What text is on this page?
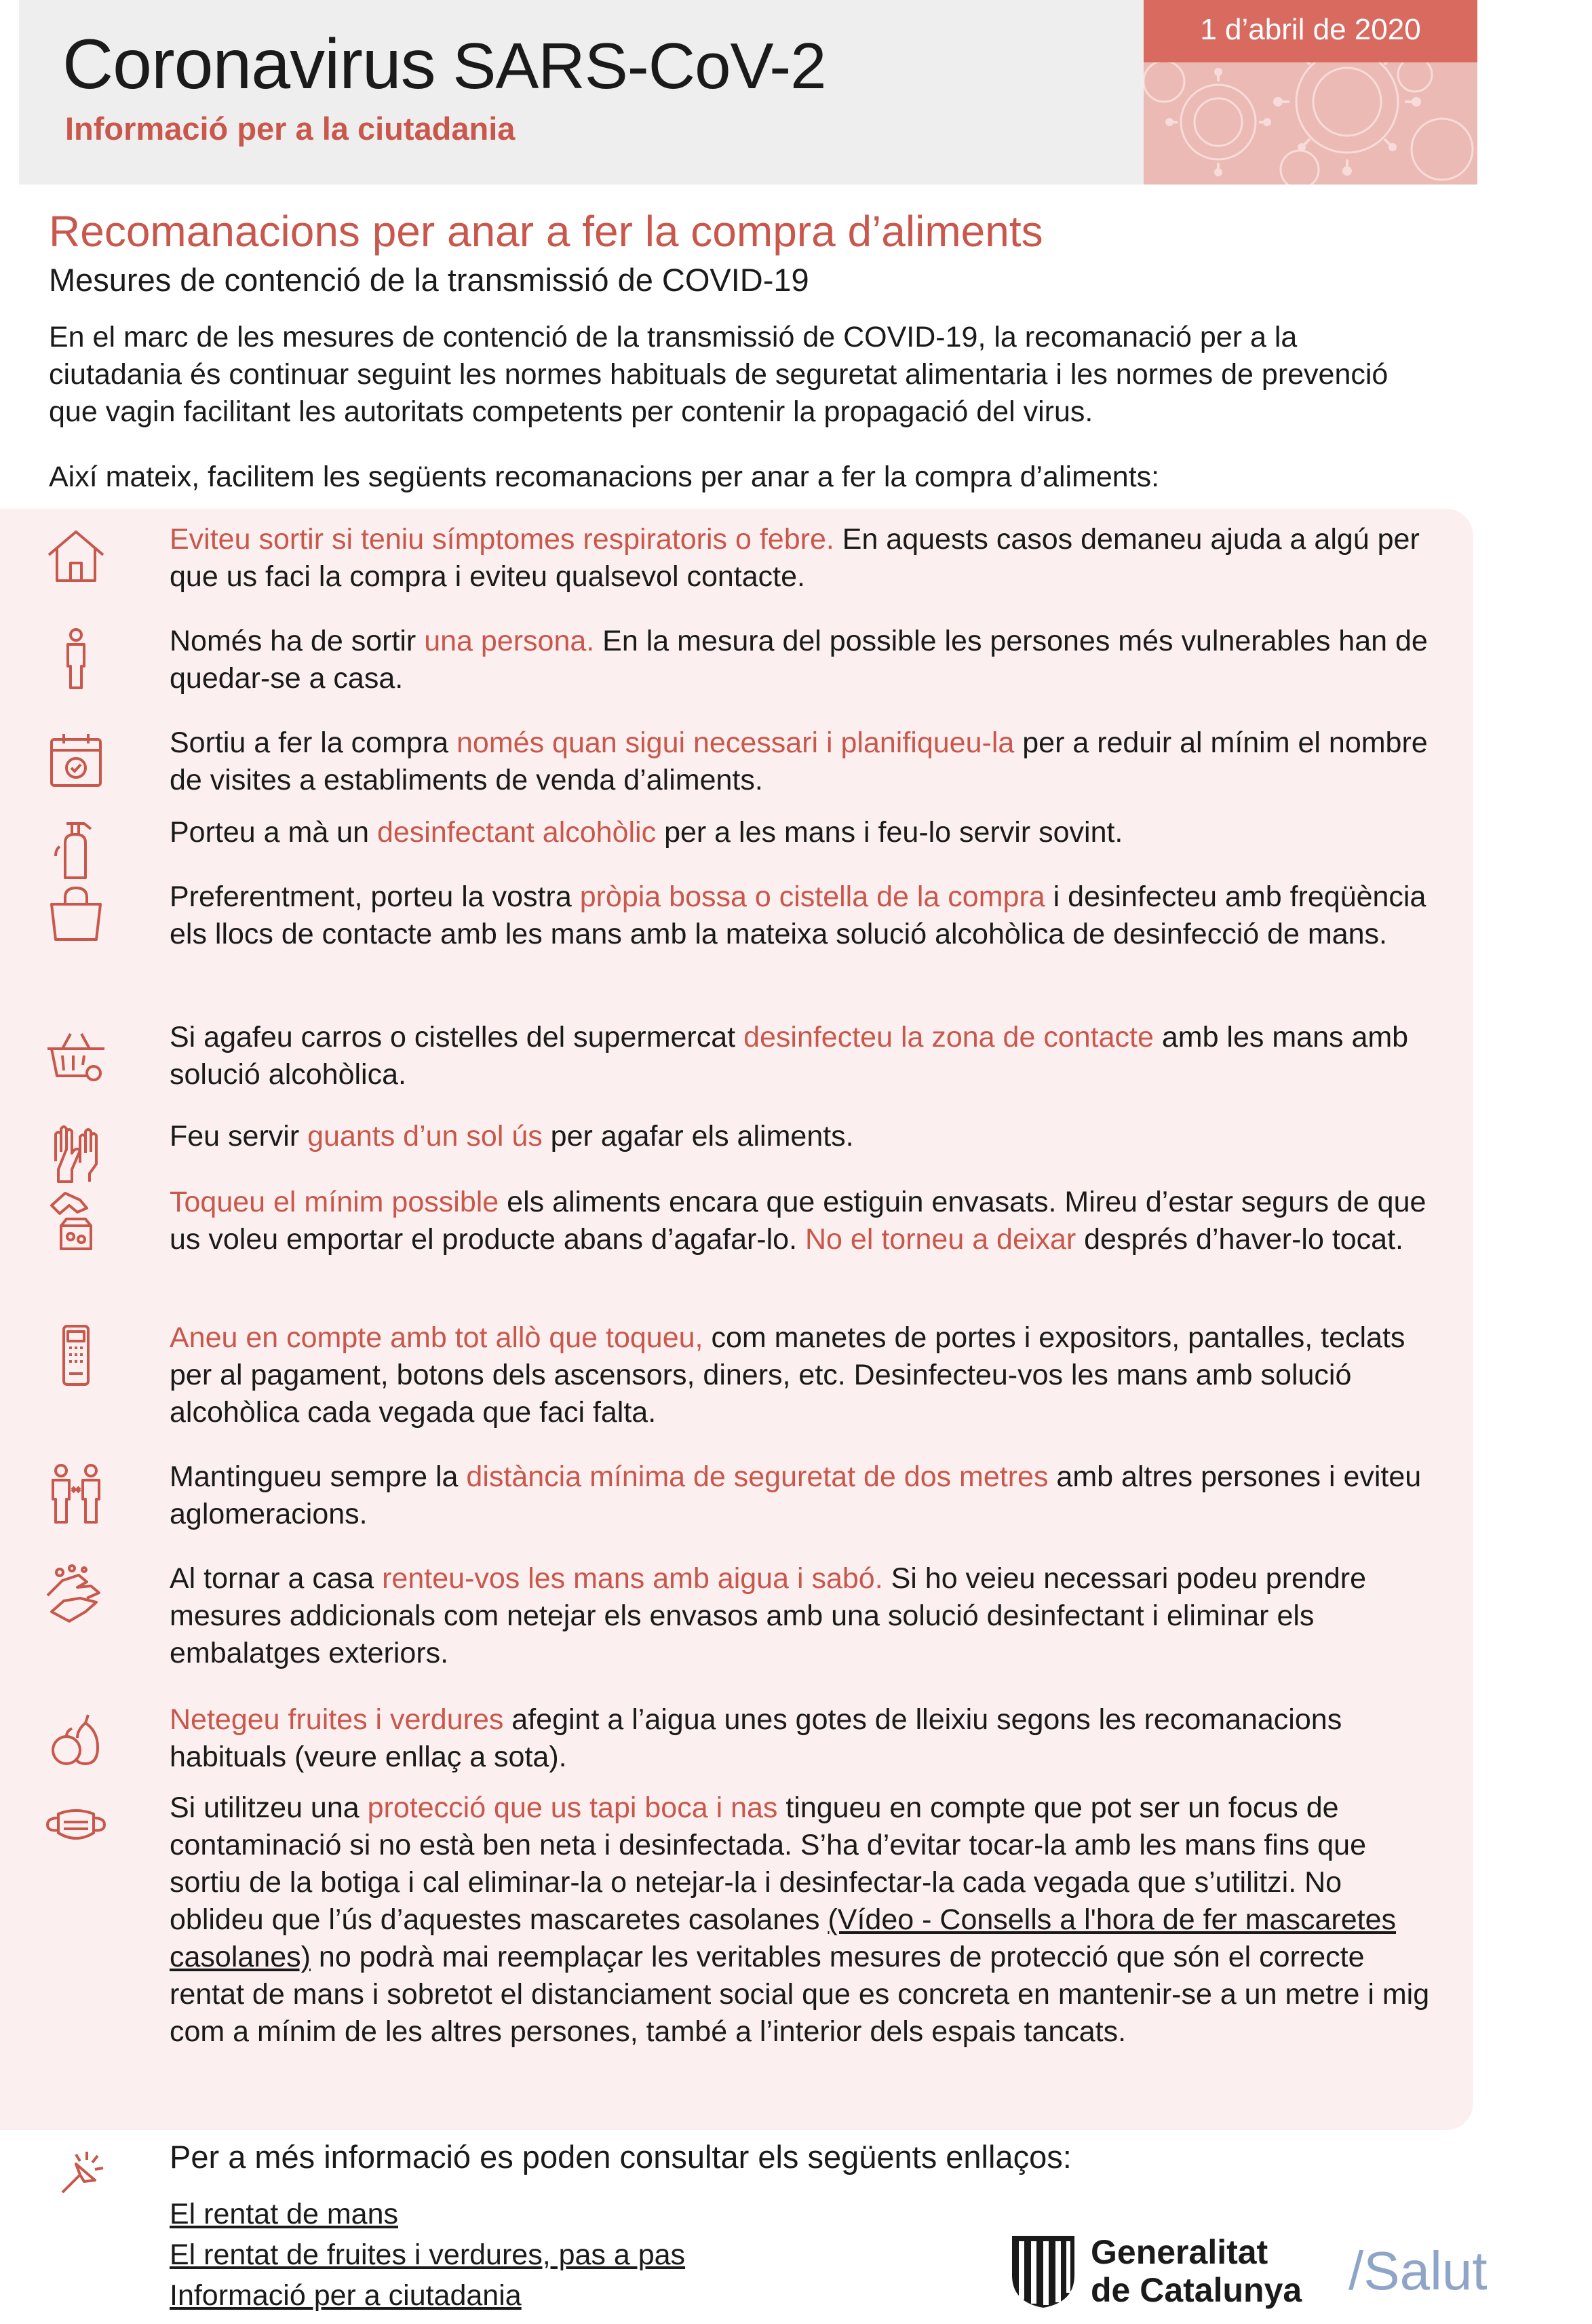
Coronavirus SARS-CoV-2
Informació per a la ciutadania
1 d’abril de 2020
Recomanacions per anar a fer la compra d’aliments
Mesures de contenció de la transmissió de COVID-19
En el marc de les mesures de contenció de la transmissió de COVID-19, la recomanació per a la ciutadania és continuar seguint les normes habituals de seguretat alimentaria i les normes de prevenció que vagin facilitant les autoritats competents per contenir la propagació del virus.
Així mateix, facilitem les següents recomanacions per anar a fer la compra d’aliments:
Eviteu sortir si teniu símptomes respiratoris o febre. En aquests casos demaneu ajuda a algú per que us faci la compra i eviteu qualsevol contacte.
Només ha de sortir una persona. En la mesura del possible les persones més vulnerables han de quedar-se a casa.
Sortiu a fer la compra només quan sigui necessari i planifiqueu-la per a reduir al mínim el nombre de visites a establiments de venda d’aliments.
Porteu a mà un desinfectant alcohòlic per a les mans i feu-lo servir sovint.
Preferentment, porteu la vostra pròpia bossa o cistella de la compra i desinfecteu amb freqüència els llocs de contacte amb les mans amb la mateixa solució alcohòlica de desinfecció de mans.
Si agafeu carros o cistelles del supermercat desinfecteu la zona de contacte amb les mans amb solució alcohòlica.
Feu servir guants d’un sol ús per agafar els aliments.
Toqueu el mínim possible els aliments encara que estiguin envasats. Mireu d’estar segurs de que us voleu emportar el producte abans d’agafar-lo. No el torneu a deixar després d’haver-lo tocat.
Aneu en compte amb tot allò que toqueu, com manetes de portes i expositors, pantalles, teclats per al pagament, botons dels ascensors, diners, etc. Desinfecteu-vos les mans amb solució alcohòlica cada vegada que faci falta.
Mantingueu sempre la distància mínima de seguretat de dos metres amb altres persones i eviteu aglomeracions.
Al tornar a casa renteu-vos les mans amb aigua i sabó. Si ho veieu necessari podeu prendre mesures addicionals com netejar els envasos amb una solució desinfectant i eliminar els embalatges exteriors.
Netegeu fruites i verdures afegint a l’aigua unes gotes de lleixiu segons les recomanacions habituals (veure enllaç a sota).
Si utilitzeu una protecció que us tapi boca i nas tingueu en compte que pot ser un focus de contaminació si no està ben neta i desinfectada. S’ha d’evitar tocar-la amb les mans fins que sortiu de la botiga i cal eliminar-la o netejar-la i desinfectar-la cada vegada que s’utilitzi. No oblideu que l’ús d’aquestes mascaretes casolanes (Vídeo - Consells a l'hora de fer mascaretes casolanes) no podrà mai reemplaçar les veritables mesures de protecció que són el correcte rentat de mans i sobretot el distanciament social que es concreta en mantenir-se a un metre i mig com a mínim de les altres persones, també a l’interior dels espais tancats.
Per a més informació es poden consultar els següents enllaços:
El rentat de mans
El rentat de fruites i verdures, pas a pas
Informació per a ciutadania
Generalitat
de Catalunya /Salut
